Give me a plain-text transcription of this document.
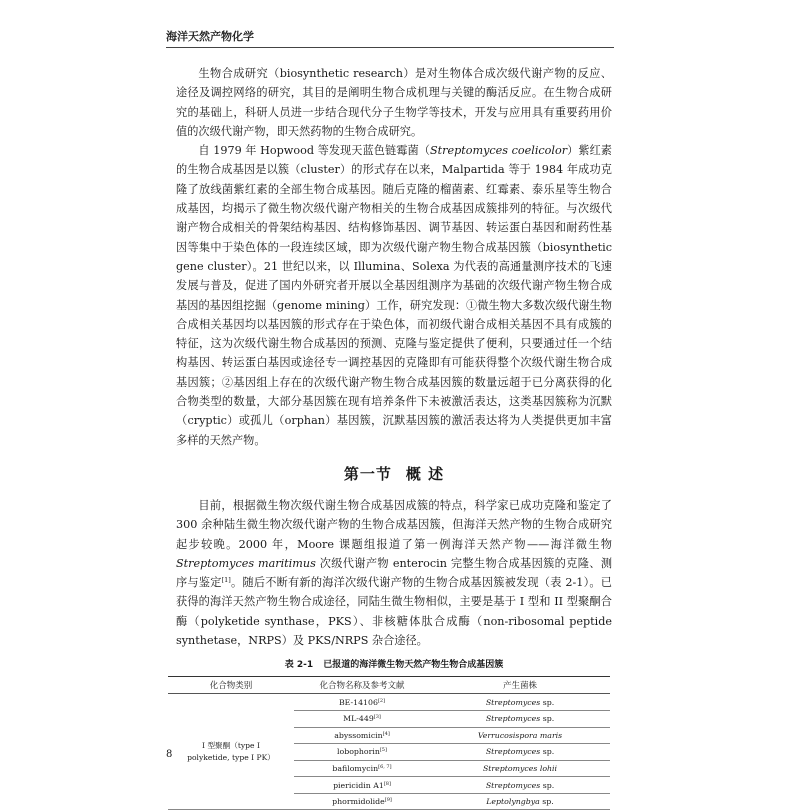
海洋天然产物化学

生物合成研究（biosynthetic research）是对生物体合成次级代谢产物的反应、途径及调控网络的研究，其目的是阐明生物合成机理与关键的酶活反应。在生物合成研究的基础上，科研人员进一步结合现代分子生物学等技术，开发与应用具有重要药用价值的次级代谢产物，即天然药物的生物合成研究。

自 1979 年 Hopwood 等发现天蓝色链霉菌（Streptomyces coelicolor）紫红素的生物合成基因是以簇（cluster）的形式存在以来，Malpartida 等于 1984 年成功克隆了放线菌紫红素的全部生物合成基因。随后克隆的榴菌素、红霉素、泰乐星等生物合成基因，均揭示了微生物次级代谢产物相关的生物合成基因成簇排列的特征。与次级代谢产物合成相关的骨架结构基因、结构修饰基因、调节基因、转运蛋白基因和耐药性基因等集中于染色体的一段连续区域，即为次级代谢产物生物合成基因簇（biosynthetic gene cluster）。21 世纪以来，以 Illumina、Solexa 为代表的高通量测序技术的飞速发展与普及，促进了国内外研究者开展以全基因组测序为基础的次级代谢产物生物合成基因的基因组挖掘（genome mining）工作，研究发现：①微生物大多数次级代谢生物合成相关基因均以基因簇的形式存在于染色体，而初级代谢合成相关基因不具有成簇的特征，这为次级代谢生物合成基因的预测、克隆与鉴定提供了便利，只要通过任一个结构基因、转运蛋白基因或途径专一调控基因的克隆即有可能获得整个次级代谢生物合成基因簇；②基因组上存在的次级代谢产物生物合成基因簇的数量远超于已分离获得的化合物类型的数量，大部分基因簇在现有培养条件下未被激活表达，这类基因簇称为沉默（cryptic）或孤儿（orphan）基因簇，沉默基因簇的激活表达将为人类提供更加丰富多样的天然产物。

第一节 概 述

目前，根据微生物次级代谢生物合成基因成簇的特点，科学家已成功克隆和鉴定了 300 余种陆生微生物次级代谢产物的生物合成基因簇，但海洋天然产物的生物合成研究起步较晚。2000 年，Moore 课题组报道了第一例海洋天然产物——海洋微生物 Streptomyces maritimus 次级代谢产物 enterocin 完整生物合成基因簇的克隆、测序与鉴定[1]。随后不断有新的海洋次级代谢产物的生物合成基因簇被发现（表 2-1）。已获得的海洋天然产物生物合成途径，同陆生微生物相似，主要是基于 I 型和 II 型聚酮合酶（polyketide synthase，PKS）、非核糖体肽合成酶（non-ribosomal peptide synthetase，NRPS）及 PKS/NRPS 杂合途径。

表 2-1 已报道的海洋微生物天然产物生物合成基因簇
化合物类别	化合物名称及参考文献	产生菌株

I 型聚酮（type I
polyketide, type I PK）	BE-14106[2]	Streptomyces sp.
	ML-449[3]	Streptomyces sp.
	abyssomicin[4]	Verrucosispora maris
	lobophorin[5]	Streptomyces sp.
	bafilomycin[6, 7]	Streptomyces lohii
	piericidin A1[8]	Streptomyces sp.
	phormidolide[9]	Leptolyngbya sp.
8
